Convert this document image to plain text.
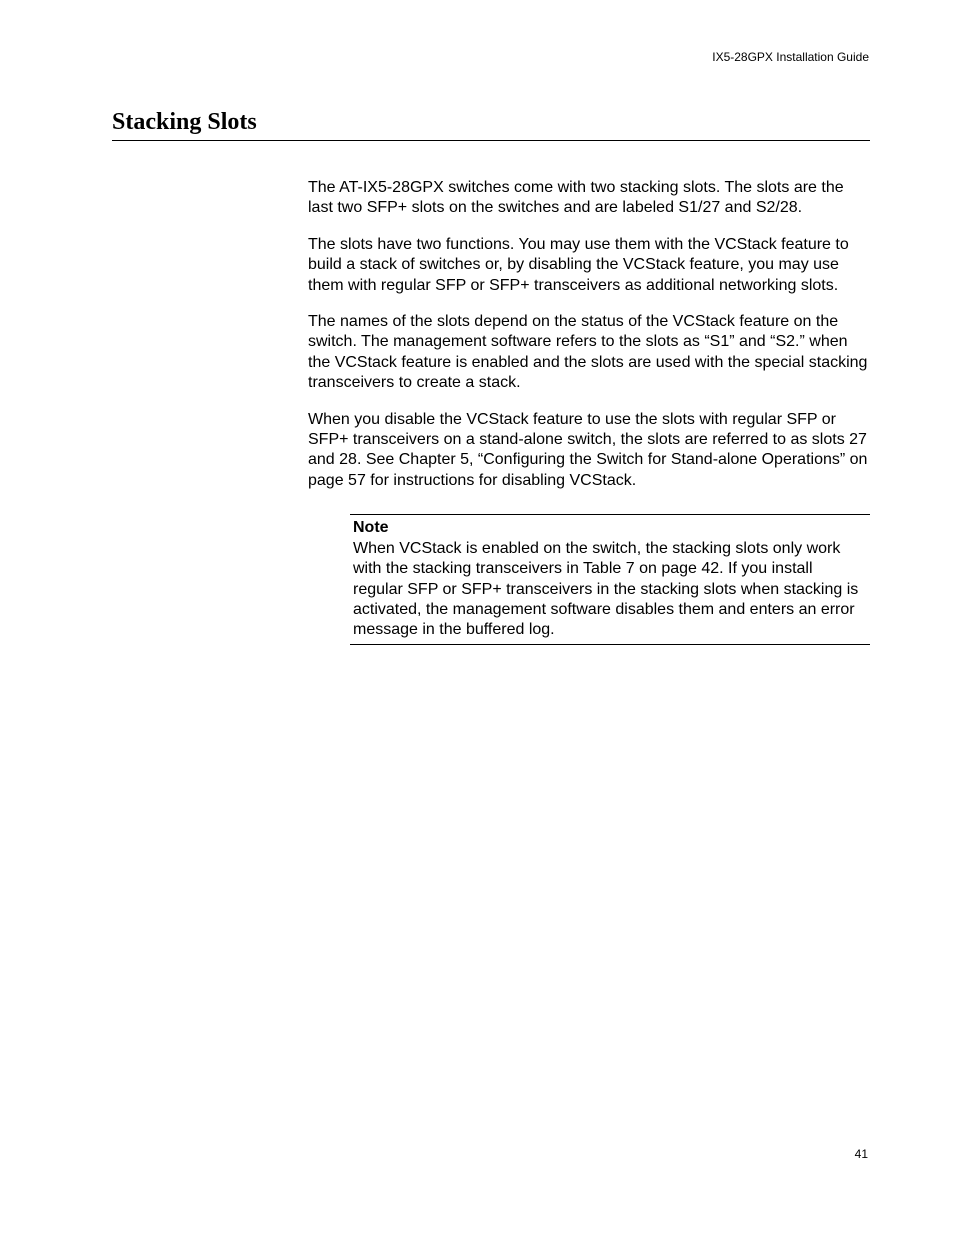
IX5-28GPX Installation Guide
Stacking Slots

The AT-IX5-28GPX switches come with two stacking slots. The slots are the last two SFP+ slots on the switches and are labeled S1/27 and S2/28.

The slots have two functions. You may use them with the VCStack feature to build a stack of switches or, by disabling the VCStack feature, you may use them with regular SFP or SFP+ transceivers as additional networking slots.

The names of the slots depend on the status of the VCStack feature on the switch. The management software refers to the slots as “S1” and “S2.” when the VCStack feature is enabled and the slots are used with the special stacking transceivers to create a stack.

When you disable the VCStack feature to use the slots with regular SFP or SFP+ transceivers on a stand-alone switch, the slots are referred to as slots 27 and 28. See Chapter 5, “Configuring the Switch for Stand-alone Operations” on page 57 for instructions for disabling VCStack.

Note

When VCStack is enabled on the switch, the stacking slots only work with the stacking transceivers in Table 7 on page 42. If you install regular SFP or SFP+ transceivers in the stacking slots when stacking is activated, the management software disables them and enters an error message in the buffered log.

41
